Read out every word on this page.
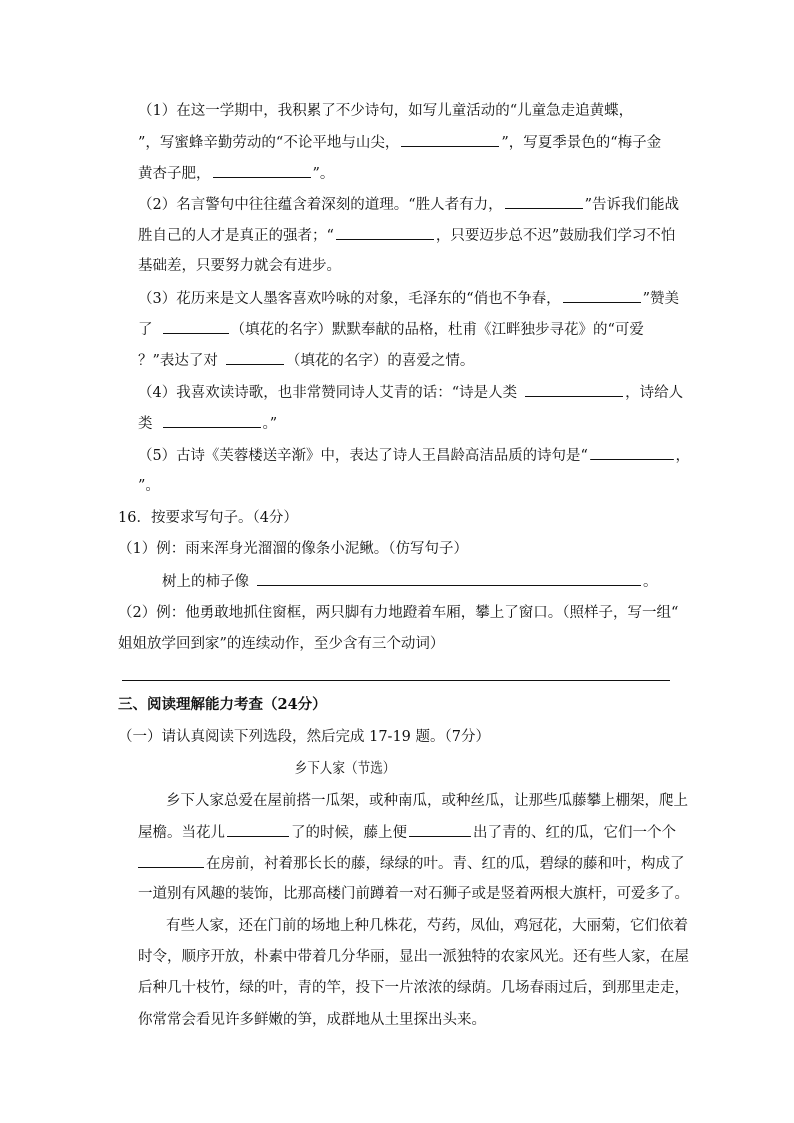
（1）在这一学期中，我积累了不少诗句，如写儿童活动的“儿童急走追黄蝶，
”，写蜜蜂辛勤劳动的“不论平地与山尖，	”，写夏季景色的“梅子金
黄杏子肥，	”。
（2）名言警句中往往蕴含着深刻的道理。“胜人者有力，	”告诉我们能战
胜自己的人才是真正的强者；“	，只要迈步总不迟”鼓励我们学习不怕
基础差，只要努力就会有进步。
（3）花历来是文人墨客喜欢吟咏的对象，毛泽东的“俏也不争春，	”赞美
了	（填花的名字）默默奉献的品格，杜甫《江畔独步寻花》的“可爱
？”表达了对	（填花的名字）的喜爱之情。
（4）我喜欢读诗歌，也非常赞同诗人艾青的话：“诗是人类	，诗给人
类	。”
（5）古诗《芙蓉楼送辛渐》中，表达了诗人王昌龄高洁品质的诗句是“	，
”。
16．按要求写句子。（4分）
（1）例：雨来浑身光溜溜的像条小泥鳅。（仿写句子）
树上的柿子像	。
（2）例：他勇敢地抓住窗框，两只脚有力地蹬着车厢，攀上了窗口。（照样子，写一组“
姐姐放学回到家”的连续动作，至少含有三个动词）
三、阅读理解能力考查（24分）
（一）请认真阅读下列选段，然后完成 17-19 题。（7分）
乡下人家（节选）
乡下人家总爱在屋前搭一瓜架，或种南瓜，或种丝瓜，让那些瓜藤攀上棚架，爬上
屋檐。当花儿	了的时候，藤上便	出了青的、红的瓜，它们一个个
在房前，衬着那长长的藤，绿绿的叶。青、红的瓜，碧绿的藤和叶，构成了
一道别有风趣的装饰，比那高楼门前蹲着一对石狮子或是竖着两根大旗杆，可爱多了。
有些人家，还在门前的场地上种几株花，芍药，凤仙，鸡冠花，大丽菊，它们依着
时令，顺序开放，朴素中带着几分华丽，显出一派独特的农家风光。还有些人家，在屋
后种几十枝竹，绿的叶，青的竿，投下一片浓浓的绿荫。几场春雨过后，到那里走走，
你常常会看见许多鲜嫩的笋，成群地从土里探出头来。
